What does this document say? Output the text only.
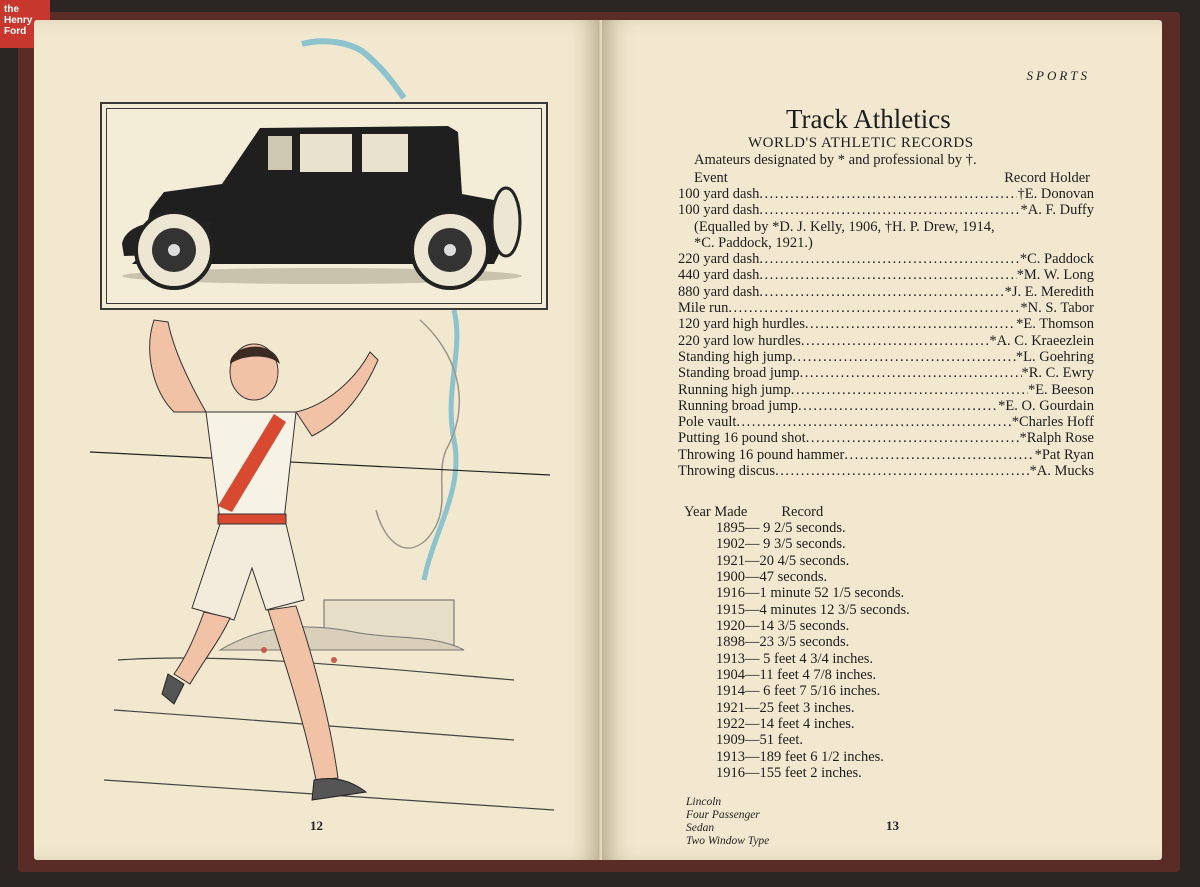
the
Henry
Ford
12
SPORTS
Track Athletics
WORLD'S ATHLETIC RECORDS
Amateurs designated by * and professional by †.
Event	Record Holder
100 yard dash .....	†E. Donovan
100 yard dash .....	*A. F. Duffy
(Equalled by *D. J. Kelly, 1906, †H. P. Drew, 1914,
*C. Paddock, 1921.)
220 yard dash .....	*C. Paddock
440 yard dash .....	*M. W. Long
880 yard dash .....	*J. E. Meredith
Mile run .....	*N. S. Tabor
120 yard high hurdles .....	*E. Thomson
220 yard low hurdles .....	*A. C. Kraeezlein
Standing high jump .....	*L. Goehring
Standing broad jump .....	*R. C. Ewry
Running high jump .....	*E. Beeson
Running broad jump .....	*E. O. Gourdain
Pole vault .....	*Charles Hoff
Putting 16 pound shot .....	*Ralph Rose
Throwing 16 pound hammer .....	*Pat Ryan
Throwing discus .....	*A. Mucks
Year Made Record
1895— 9 2/5 seconds.
1902— 9 3/5 seconds.
1921—20 4/5 seconds.
1900—47 seconds.
1916—1 minute 52 1/5 seconds.
1915—4 minutes 12 3/5 seconds.
1920—14 3/5 seconds.
1898—23 3/5 seconds.
1913— 5 feet 4 3/4 inches.
1904—11 feet 4 7/8 inches.
1914— 6 feet 7 5/16 inches.
1921—25 feet 3 inches.
1922—14 feet 4 inches.
1909—51 feet.
1913—189 feet 6 1/2 inches.
1916—155 feet 2 inches.
Lincoln
Four Passenger
Sedan
Two Window Type
13
